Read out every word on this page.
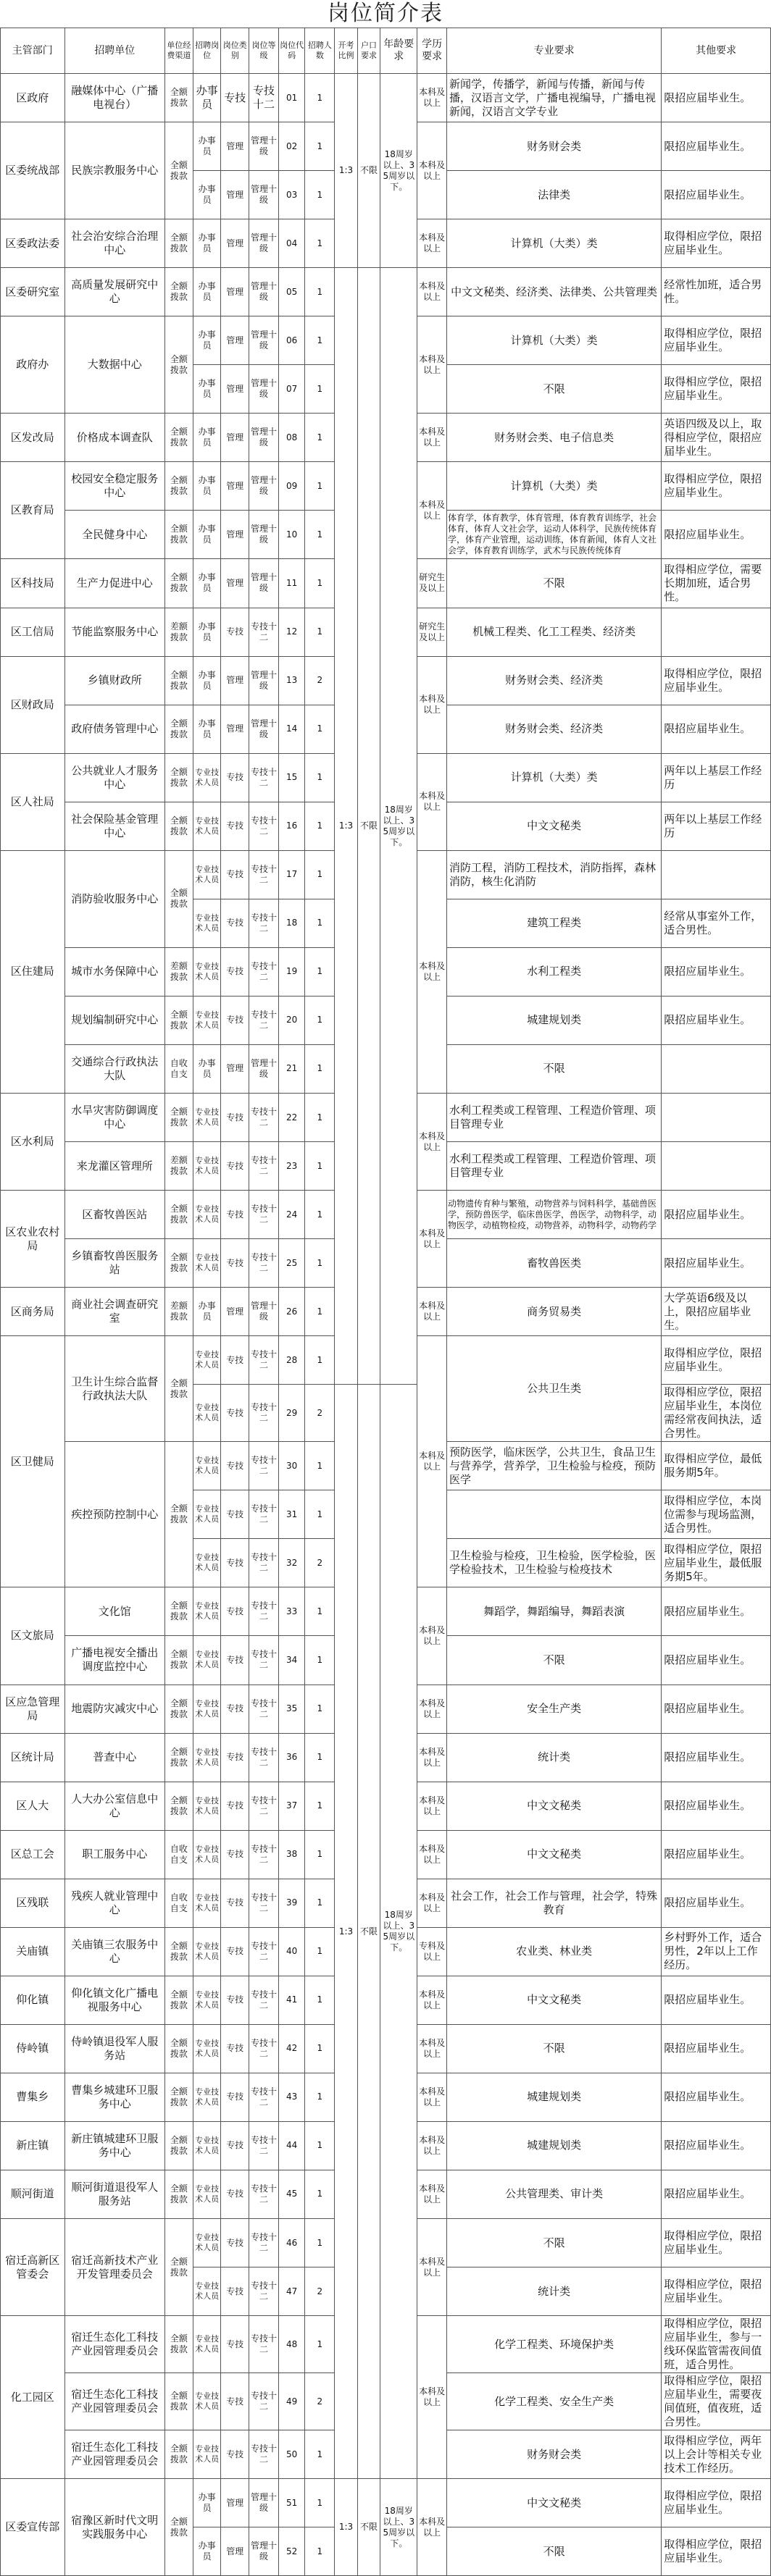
岗位简介表
主管部门	招聘单位	单位经费渠道	招聘岗位	岗位类别	岗位等级	岗位代码	招聘人数	开考比例	户口要求	年龄要求	学历要求	专业要求	其他要求
区政府	融媒体中心（广播电视台）	全额拨款	办事员	专技	专技十二	01	1	1:3	不限	18周岁以上、35周岁以下。	本科及以上	新闻学，传播学，新闻与传播，新闻与传播，汉语言文学，广播电视编导，广播电视新闻，汉语言文学专业	限招应届毕业生。
区委统战部	民族宗教服务中心	全额拨款	办事员	管理	管理十级	02	1				本科及以上	财务财会类	限招应届毕业生。
			办事员	管理	管理十级	03	1					法律类	限招应届毕业生。
区委政法委	社会治安综合治理中心	全额拨款	办事员	管理	管理十级	04	1				本科及以上	计算机（大类）类	取得相应学位，限招应届毕业生。
区委研究室	高质量发展研究中心	全额拨款	办事员	管理	管理十级	05	1	1:3	不限	18周岁以上、35周岁以下。	本科及以上	中文文秘类、经济类、法律类、公共管理类	经常性加班，适合男性。
政府办	大数据中心	全额拨款	办事员	管理	管理十级	06	1				本科及以上	计算机（大类）类	取得相应学位，限招应届毕业生。
			办事员	管理	管理十级	07	1					不限	取得相应学位，限招应届毕业生。
区发改局	价格成本调查队	全额拨款	办事员	管理	管理十级	08	1				本科及以上	财务财会类、电子信息类	英语四级及以上，取得相应学位，限招应届毕业生。
区教育局	校园安全稳定服务中心	全额拨款	办事员	管理	管理十级	09	1				本科及以上	计算机（大类）类	取得相应学位，限招应届毕业生。
	全民健身中心	全额拨款	办事员	管理	管理十级	10	1					体育学，体育教学，体育管理，体育教育训练学，社会体育，体育人文社会学，运动人体科学，民族传统体育学，体育产业管理，运动训练，体育新闻，体育人文社会学，体育教育训练学，武术与民族传统体育	限招应届毕业生。
区科技局	生产力促进中心	全额拨款	办事员	管理	管理十级	11	1				研究生及以上	不限	取得相应学位，需要长期加班，适合男性。
区工信局	节能监察服务中心	差额拨款	办事员	专技	专技十二	12	1				研究生及以上	机械工程类、化工工程类、经济类	
区财政局	乡镇财政所	全额拨款	办事员	管理	管理十级	13	2				本科及以上	财务财会类、经济类	取得相应学位，限招应届毕业生。
	政府债务管理中心	全额拨款	办事员	管理	管理十级	14	1					财务财会类、经济类	限招应届毕业生。
区人社局	公共就业人才服务中心	全额拨款	专业技术人员	专技	专技十二	15	1				本科及以上	计算机（大类）类	两年以上基层工作经历
	社会保险基金管理中心	全额拨款	专业技术人员	专技	专技十二	16	1					中文文秘类	两年以上基层工作经历
区住建局	消防验收服务中心	全额拨款	专业技术人员	专技	专技十二	17	1				本科及以上	消防工程，消防工程技术，消防指挥，森林消防，核生化消防	
			专业技术人员	专技	专技十二	18	1					建筑工程类	经常从事室外工作，适合男性。
	城市水务保障中心	差额拨款	专业技术人员	专技	专技十二	19	1					水利工程类	限招应届毕业生。
	规划编制研究中心	全额拨款	专业技术人员	专技	专技十二	20	1					城建规划类	限招应届毕业生。
	交通综合行政执法大队	自收自支	办事员	管理	管理十级	21	1					不限	
区水利局	水旱灾害防御调度中心	全额拨款	专业技术人员	专技	专技十二	22	1				本科及以上	水利工程类或工程管理、工程造价管理、项目管理专业	
	来龙灌区管理所	差额拨款	专业技术人员	专技	专技十二	23	1					水利工程类或工程管理、工程造价管理、项目管理专业	
区农业农村局	区畜牧兽医站	全额拨款	专业技术人员	专技	专技十二	24	1				本科及以上	动物遗传育种与繁殖，动物营养与饲料科学，基础兽医学，预防兽医学，临床兽医学，兽医学，动物科学，动物医学，动植物检疫，动物营养，动物科学，动物药学	限招应届毕业生。
	乡镇畜牧兽医服务站	全额拨款	专业技术人员	专技	专技十二	25	1					畜牧兽医类	限招应届毕业生。
区商务局	商业社会调查研究室	差额拨款	办事员	管理	管理十级	26	1				本科及以上	商务贸易类	大学英语6级及以上，限招应届毕业生。
区卫健局	卫生计生综合监督行政执法大队	全额拨款	专业技术人员	专技	专技十二	28	1				本科及以上	公共卫生类	取得相应学位，限招应届毕业生。
			专业技术人员	专技	专技十二	29	2	1:3	不限	18周岁以上、35周岁以下。			取得相应学位，限招应届毕业生，本岗位需经常夜间执法，适合男性。
	疾控预防控制中心	全额拨款	专业技术人员	专技	专技十二	30	1					预防医学，临床医学，公共卫生，食品卫生与营养学，营养学，卫生检验与检疫，预防医学	取得相应学位，最低服务期5年。
			专业技术人员	专技	专技十二	31	1						取得相应学位，本岗位需参与现场监测，适合男性。
			专业技术人员	专技	专技十二	32	2					卫生检验与检疫，卫生检验，医学检验，医学检验技术，卫生检验与检疫技术	取得相应学位，限招应届毕业生，最低服务期5年。
区文旅局	文化馆	全额拨款	专业技术人员	专技	专技十二	33	1				本科及以上	舞蹈学，舞蹈编导，舞蹈表演	限招应届毕业生。
	广播电视安全播出调度监控中心	全额拨款	专业技术人员	专技	专技十二	34	1					不限	限招应届毕业生。
区应急管理局	地震防灾减灾中心	全额拨款	专业技术人员	专技	专技十二	35	1				本科及以上	安全生产类	限招应届毕业生。
区统计局	普查中心	全额拨款	专业技术人员	专技	专技十二	36	1				本科及以上	统计类	限招应届毕业生。
区人大	人大办公室信息中心	全额拨款	专业技术人员	专技	专技十二	37	1				本科及以上	中文文秘类	限招应届毕业生。
区总工会	职工服务中心	自收自支	专业技术人员	专技	专技十二	38	1				本科及以上	中文文秘类	限招应届毕业生。
区残联	残疾人就业管理中心	自收自支	专业技术人员	专技	专技十二	39	1				本科及以上	社会工作，社会工作与管理，社会学，特殊教育	限招应届毕业生。
关庙镇	关庙镇三农服务中心	全额拨款	专业技术人员	专技	专技十二	40	1				专科及以上	农业类、林业类	乡村野外工作，适合男性，2年以上工作经历。
仰化镇	仰化镇文化广播电视服务中心	全额拨款	专业技术人员	专技	专技十二	41	1				本科及以上	中文文秘类	限招应届毕业生。
侍岭镇	侍岭镇退役军人服务站	全额拨款	专业技术人员	专技	专技十二	42	1				本科及以上	不限	限招应届毕业生。
曹集乡	曹集乡城建环卫服务中心	全额拨款	专业技术人员	专技	专技十二	43	1				本科及以上	城建规划类	限招应届毕业生。
新庄镇	新庄镇城建环卫服务中心	全额拨款	专业技术人员	专技	专技十二	44	1				本科及以上	城建规划类	限招应届毕业生。
顺河街道	顺河街道退役军人服务站	全额拨款	专业技术人员	专技	专技十二	45	1				本科及以上	公共管理类、审计类	限招应届毕业生。
宿迁高新区管委会	宿迁高新技术产业开发管理委员会	全额拨款	专业技术人员	专技	专技十二	46	1				本科及以上	不限	取得相应学位，限招应届毕业生。
			专业技术人员	专技	专技十二	47	2					统计类	取得相应学位，限招应届毕业生。
化工园区	宿迁生态化工科技产业园管理委员会	全额拨款	专业技术人员	专技	专技十二	48	1				本科及以上	化学工程类、环境保护类	取得相应学位，限招应届毕业生，参与一线环保监管需夜间值班，适合男性。
	宿迁生态化工科技产业园管理委员会	全额拨款	专业技术人员	专技	专技十二	49	2					化学工程类、安全生产类	取得相应学位，限招应届毕业生，需要夜间值班，值夜班，适合男性。
	宿迁生态化工科技产业园管理委员会	全额拨款	专业技术人员	专技	专技十二	50	1					财务财会类	取得相应学位，两年以上会计等相关专业技术工作经历。
区委宣传部	宿豫区新时代文明实践服务中心	全额拨款	办事员	管理	管理十级	51	1	1:3	不限	18周岁以上、35周岁以下。	本科及以上	中文文秘类	取得相应学位，限招应届毕业生。
			办事员	管理	管理十级	52	1					不限	取得相应学位，限招应届毕业生。
